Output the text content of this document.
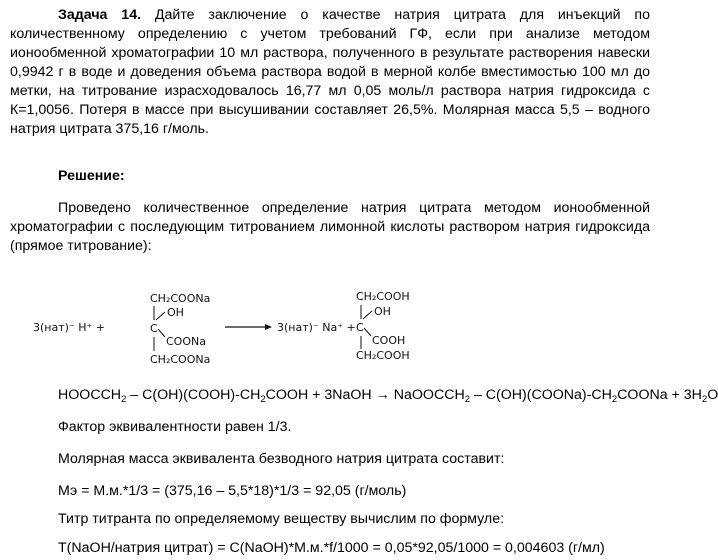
Задача 14. Дайте заключение о качестве натрия цитрата для инъекций по количественному определению с учетом требований ГФ, если при анализе методом ионообменной хроматографии 10 мл раствора, полученного в результате растворения навески 0,9942 г в воде и доведения объема раствора водой в мерной колбе вместимостью 100 мл до метки, на титрование израсходовалось 16,77 мл 0,05 моль/л раствора натрия гидроксида с К=1,0056. Потеря в массе при высушивании составляет 26,5%. Молярная масса 5,5 – водного натрия цитрата 375,16 г/моль.

Решение:

Проведено количественное определение натрия цитрата методом ионообменной хроматографии с последующим титрованием лимонной кислоты раствором натрия гидроксида (прямое титрование):

3(нат)⁻ H⁺ +
CH₂COONa
OH
C
COONa
CH₂COONa
3(нат)⁻ Na⁺ +
CH₂COOH
OH
C
COOH
CH₂COOH

$HOOCCH_2$ – $C(OH)(COOH)-CH_2COOH$ + 3NaOH → NaOOCCH$_2$ – $C(OH)(COONa)-CH_2COONa + 3H_2O$

Фактор эквивалентности равен 1/3.

Молярная масса эквивалента безводного натрия цитрата составит:

Мэ = М.м.*1/3 = (375,16 – 5,5*18)*1/3 = 92,05 (г/моль)

Титр титранта по определяемому веществу вычислим по формуле:

Т(NaOH/натрия цитрат) = С(NaOH)*М.м.*f/1000 = 0,05*92,05/1000 = 0,004603 (г/мл)
